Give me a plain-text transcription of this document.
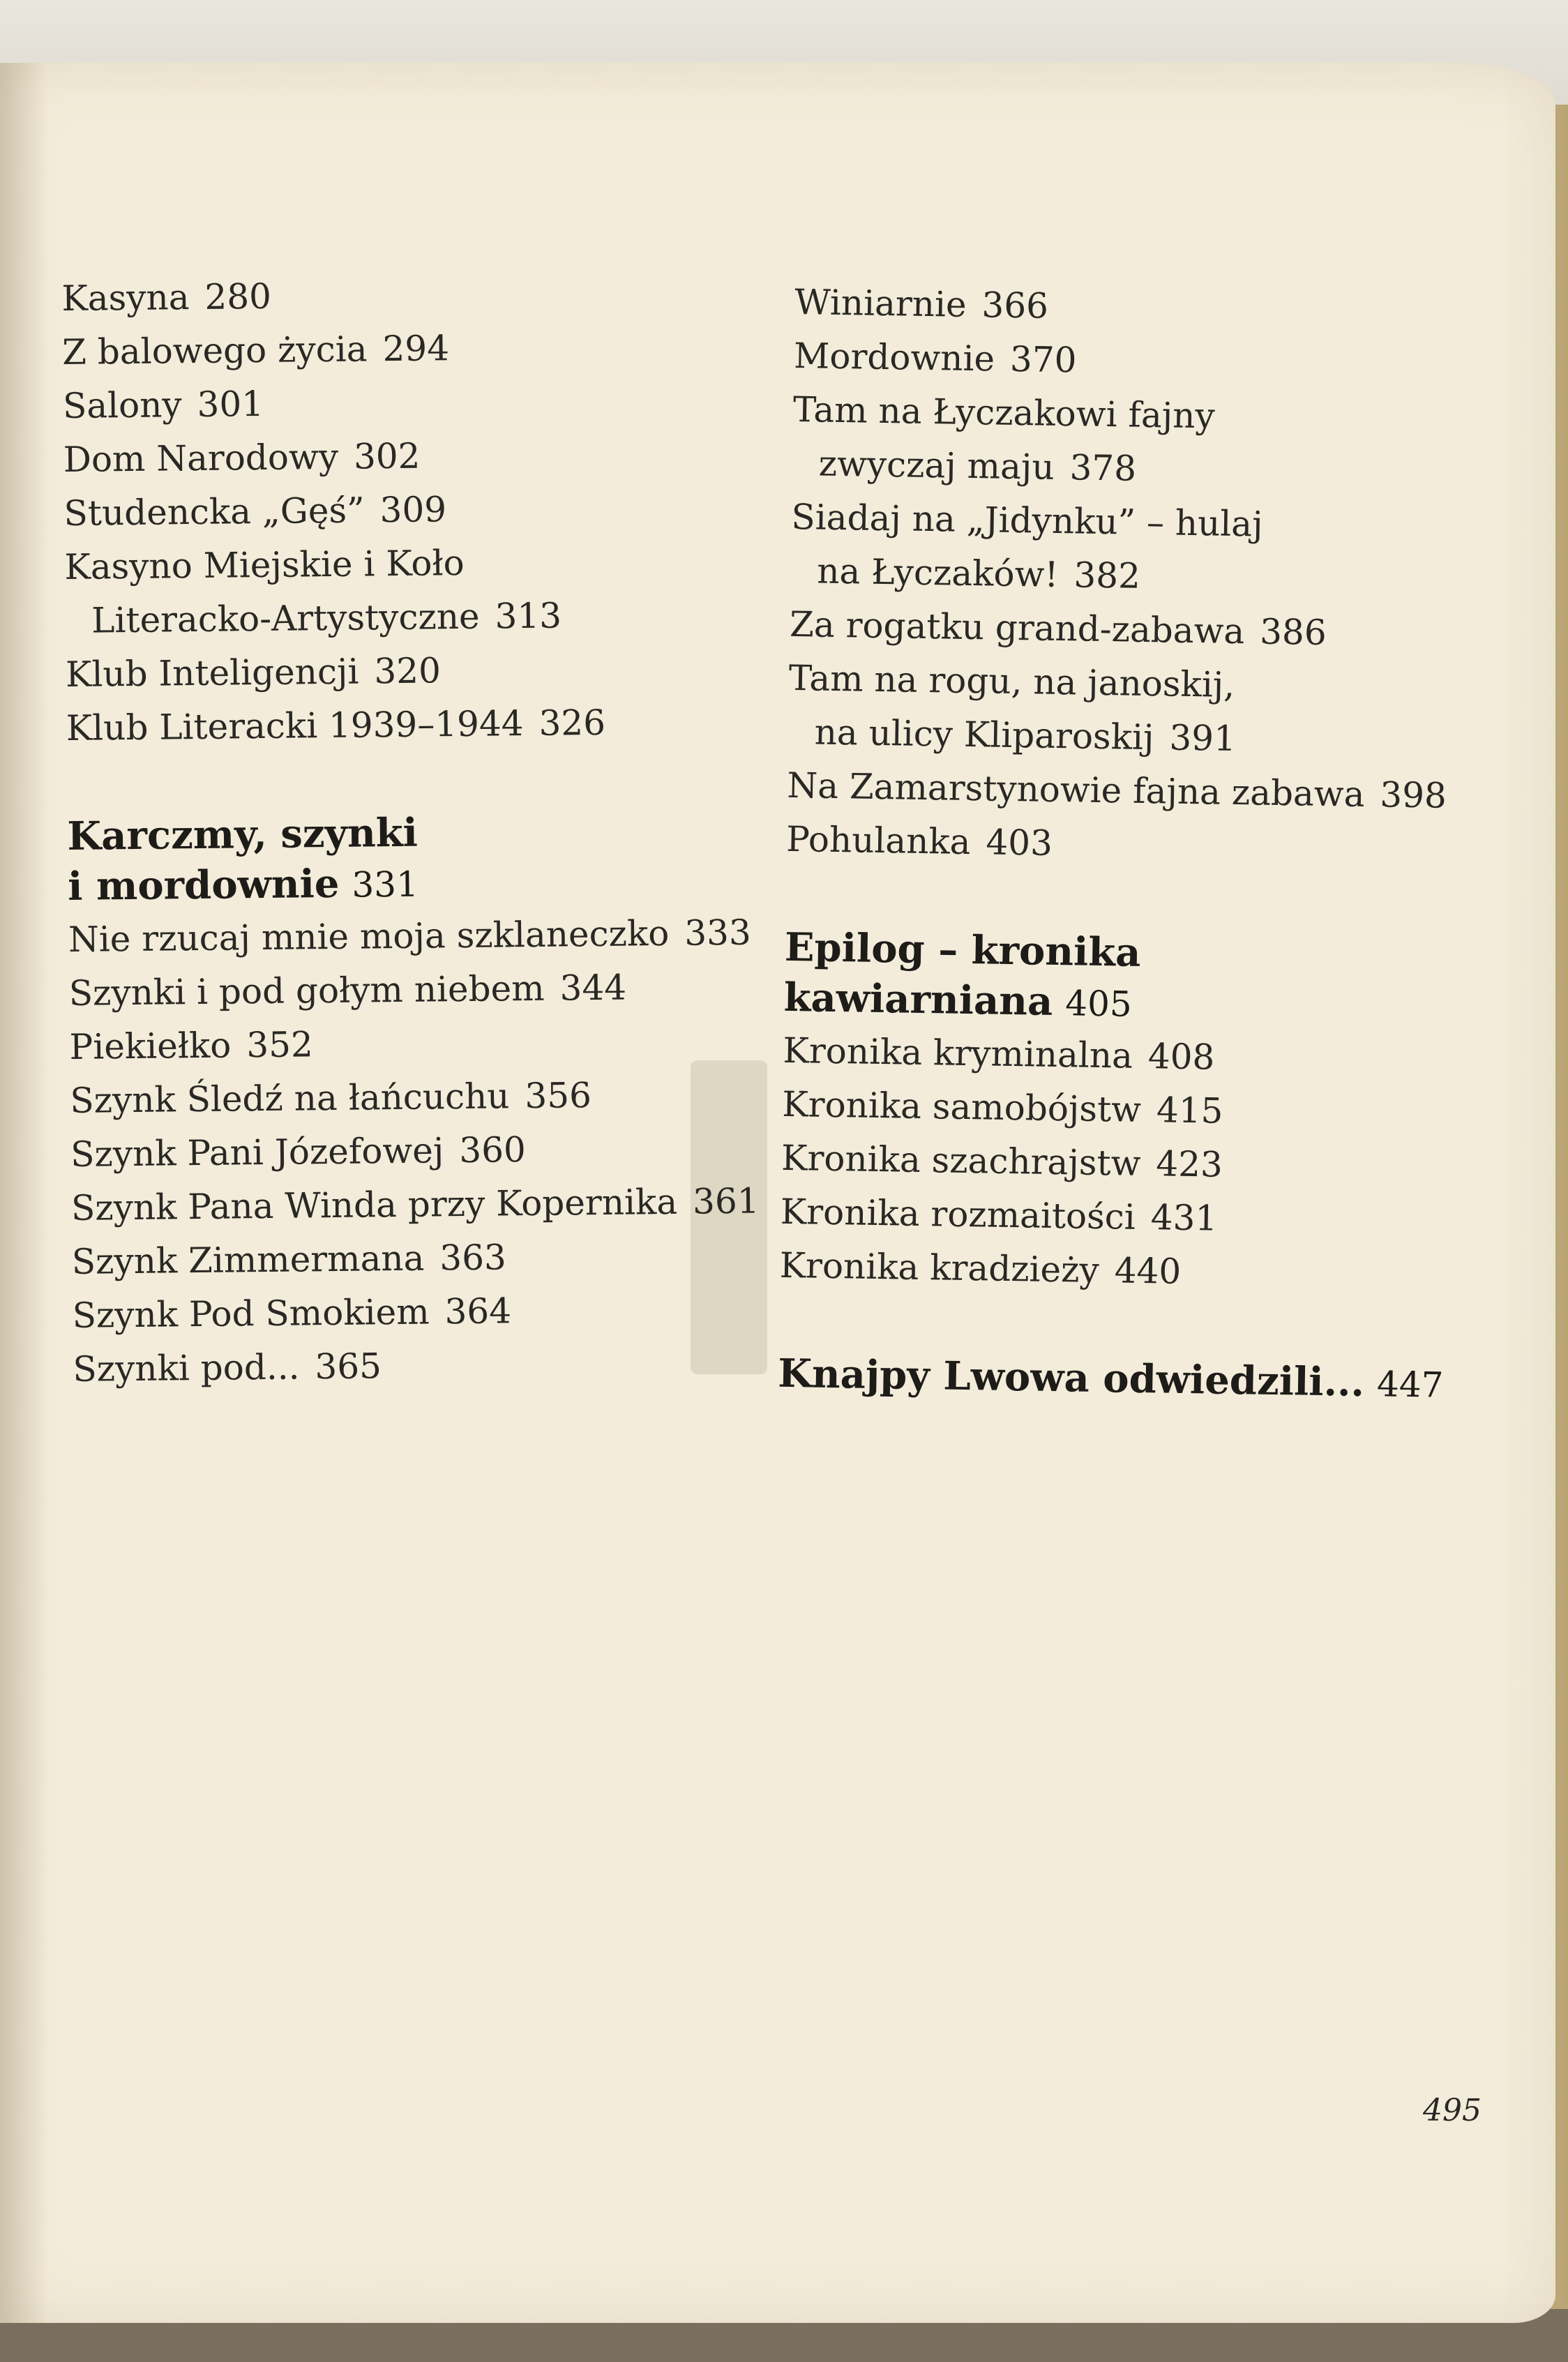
Kasyna 280
Z balowego życia 294
Salony 301
Dom Narodowy 302
Studencka „Gęś” 309
Kasyno Miejskie i Koło
Literacko-Artystyczne 313
Klub Inteligencji 320
Klub Literacki 1939–1944 326
Karczmy, szynki
i mordownie 331
Nie rzucaj mnie moja szklaneczko 333
Szynki i pod gołym niebem 344
Piekiełko 352
Szynk Śledź na łańcuchu 356
Szynk Pani Józefowej 360
Szynk Pana Winda przy Kopernika 361
Szynk Zimmermana 363
Szynk Pod Smokiem 364
Szynki pod... 365
Winiarnie 366
Mordownie 370
Tam na Łyczakowi fajny
zwyczaj maju 378
Siadaj na „Jidynku” – hulaj
na Łyczaków! 382
Za rogatku grand-zabawa 386
Tam na rogu, na janoskij,
na ulicy Kliparoskij 391
Na Zamarstynowie fajna zabawa 398
Pohulanka 403
Epilog – kronika
kawiarniana 405
Kronika kryminalna 408
Kronika samobójstw 415
Kronika szachrajstw 423
Kronika rozmaitości 431
Kronika kradzieży 440
Knajpy Lwowa odwiedzili... 447
495
